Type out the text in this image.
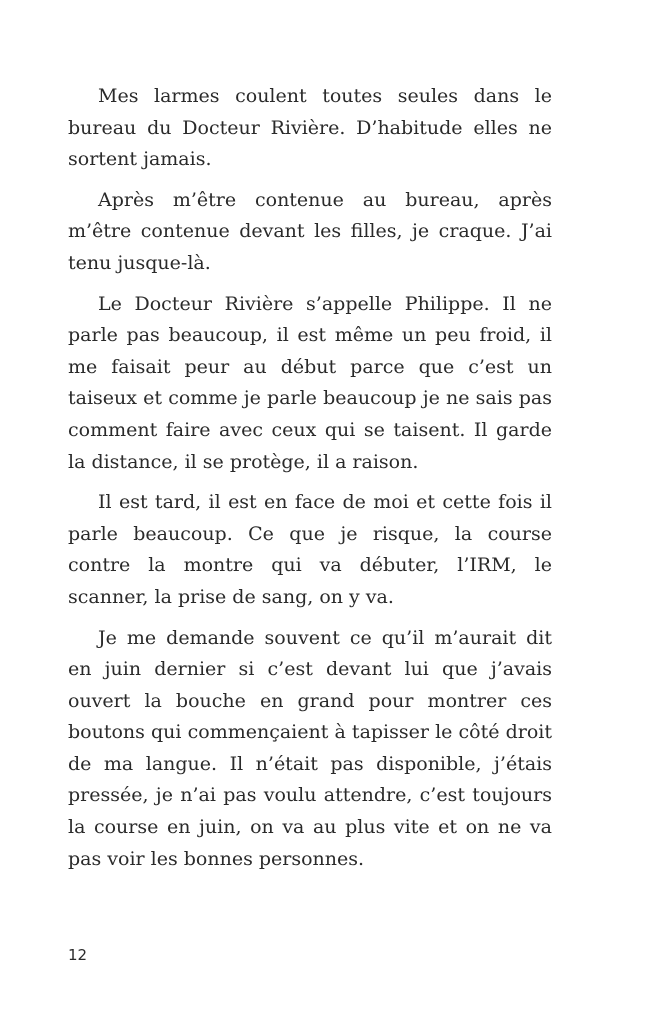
Mes larmes coulent toutes seules dans le bureau du Docteur Rivière. D’habitude elles ne sortent jamais.

Après m’être contenue au bureau, après m’être contenue devant les filles, je craque. J’ai tenu jusque-là.

Le Docteur Rivière s’appelle Philippe. Il ne parle pas beaucoup, il est même un peu froid, il me faisait peur au début parce que c’est un taiseux et comme je parle beaucoup je ne sais pas comment faire avec ceux qui se taisent. Il garde la distance, il se protège, il a raison.

Il est tard, il est en face de moi et cette fois il parle beaucoup. Ce que je risque, la course contre la montre qui va débuter, l’IRM, le scanner, la prise de sang, on y va.

Je me demande souvent ce qu’il m’aurait dit en juin dernier si c’est devant lui que j’avais ouvert la bouche en grand pour montrer ces boutons qui commençaient à tapisser le côté droit de ma langue. Il n’était pas disponible, j’étais pressée, je n’ai pas voulu attendre, c’est toujours la course en juin, on va au plus vite et on ne va pas voir les bonnes personnes.

12
